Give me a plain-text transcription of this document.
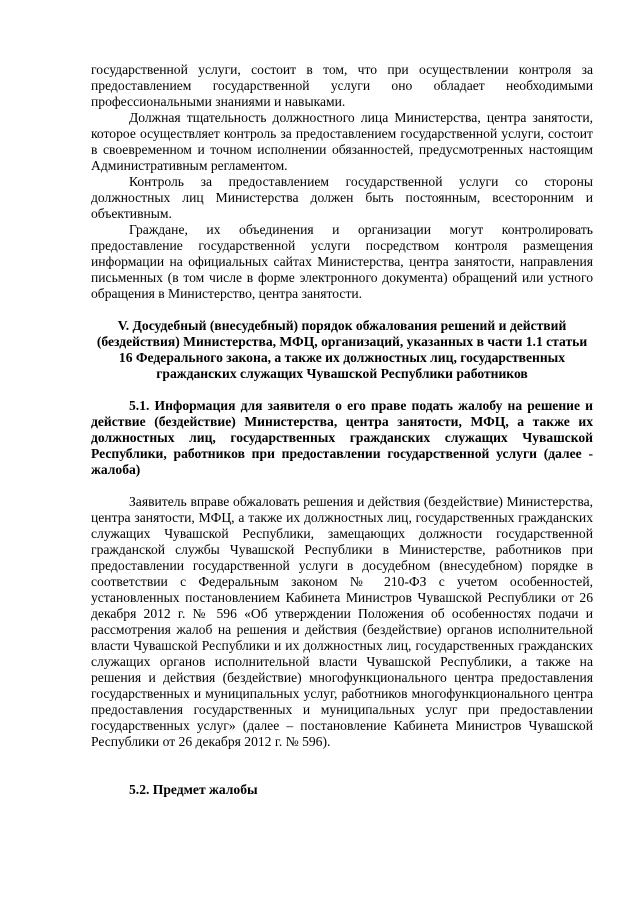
государственной услуги, состоит в том, что при осуществлении контроля за предоставлением государственной услуги оно обладает необходимыми профессиональными знаниями и навыками.

Должная тщательность должностного лица Министерства, центра занятости, которое осуществляет контроль за предоставлением государственной услуги, состоит в своевременном и точном исполнении обязанностей, предусмотренных настоящим Административным регламентом.

Контроль за предоставлением государственной услуги со стороны должностных лиц Министерства должен быть постоянным, всесторонним и объективным.

Граждане, их объединения и организации могут контролировать предоставление государственной услуги посредством контроля размещения информации на официальных сайтах Министерства, центра занятости, направления письменных (в том числе в форме электронного документа) обращений или устного обращения в Министерство, центра занятости.

V. Досудебный (внесудебный) порядок обжалования решений и действий (бездействия) Министерства, МФЦ, организаций, указанных в части 1.1 статьи 16 Федерального закона, а также их должностных лиц, государственных гражданских служащих Чувашской Республики работников

5.1. Информация для заявителя о его праве подать жалобу на решение и действие (бездействие) Министерства, центра занятости, МФЦ, а также их должностных лиц, государственных гражданских служащих Чувашской Республики, работников при предоставлении государственной услуги (далее - жалоба)

Заявитель вправе обжаловать решения и действия (бездействие) Министерства, центра занятости, МФЦ, а также их должностных лиц, государственных гражданских служащих Чувашской Республики, замещающих должности государственной гражданской службы Чувашской Республики в Министерстве, работников при предоставлении государственной услуги в досудебном (внесудебном) порядке в соответствии с Федеральным законом № 210-ФЗ с учетом особенностей, установленных постановлением Кабинета Министров Чувашской Республики от 26 декабря 2012 г. № 596 «Об утверждении Положения об особенностях подачи и рассмотрения жалоб на решения и действия (бездействие) органов исполнительной власти Чувашской Республики и их должностных лиц, государственных гражданских служащих органов исполнительной власти Чувашской Республики, а также на решения и действия (бездействие) многофункционального центра предоставления государственных и муниципальных услуг, работников многофункционального центра предоставления государственных и муниципальных услуг при предоставлении государственных услуг» (далее – постановление Кабинета Министров Чувашской Республики от 26 декабря 2012 г. № 596).

5.2. Предмет жалобы
